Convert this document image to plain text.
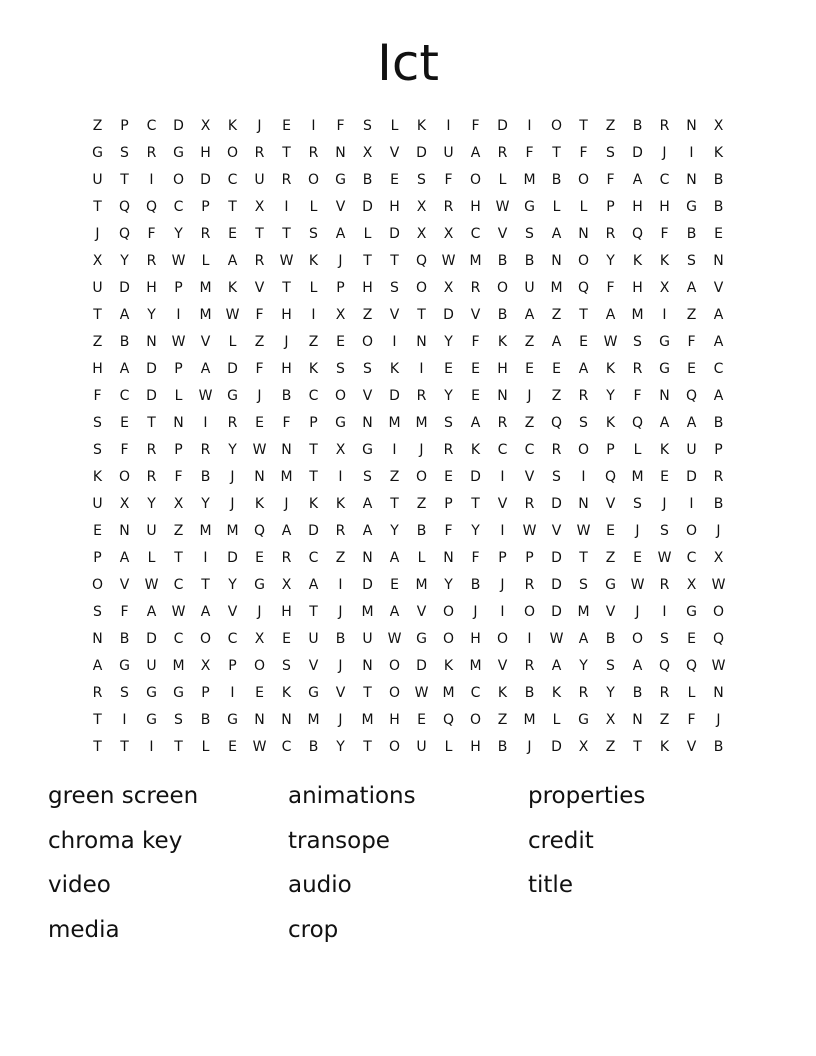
Ict
Z	P	C	D	X	K	J	E	I	F	S	L	K	I	F	D	I	O	T	Z	B	R	N	X
G	S	R	G	H	O	R	T	R	N	X	V	D	U	A	R	F	T	F	S	D	J	I	K
U	T	I	O	D	C	U	R	O	G	B	E	S	F	O	L	M	B	O	F	A	C	N	B
T	Q	Q	C	P	T	X	I	L	V	D	H	X	R	H	W	G	L	L	P	H	H	G	B
J	Q	F	Y	R	E	T	T	S	A	L	D	X	X	C	V	S	A	N	R	Q	F	B	E
X	Y	R	W	L	A	R	W	K	J	T	T	Q	W	M	B	B	N	O	Y	K	K	S	N
U	D	H	P	M	K	V	T	L	P	H	S	O	X	R	O	U	M	Q	F	H	X	A	V
T	A	Y	I	M	W	F	H	I	X	Z	V	T	D	V	B	A	Z	T	A	M	I	Z	A
Z	B	N	W	V	L	Z	J	Z	E	O	I	N	Y	F	K	Z	A	E	W	S	G	F	A
H	A	D	P	A	D	F	H	K	S	S	K	I	E	E	H	E	E	A	K	R	G	E	C
F	C	D	L	W	G	J	B	C	O	V	D	R	Y	E	N	J	Z	R	Y	F	N	Q	A
S	E	T	N	I	R	E	F	P	G	N	M	M	S	A	R	Z	Q	S	K	Q	A	A	B
S	F	R	P	R	Y	W	N	T	X	G	I	J	R	K	C	C	R	O	P	L	K	U	P
K	O	R	F	B	J	N	M	T	I	S	Z	O	E	D	I	V	S	I	Q	M	E	D	R
U	X	Y	X	Y	J	K	J	K	K	A	T	Z	P	T	V	R	D	N	V	S	J	I	B
E	N	U	Z	M	M	Q	A	D	R	A	Y	B	F	Y	I	W	V	W	E	J	S	O	J
P	A	L	T	I	D	E	R	C	Z	N	A	L	N	F	P	P	D	T	Z	E	W	C	X
O	V	W	C	T	Y	G	X	A	I	D	E	M	Y	B	J	R	D	S	G	W	R	X	W
S	F	A	W	A	V	J	H	T	J	M	A	V	O	J	I	O	D	M	V	J	I	G	O
N	B	D	C	O	C	X	E	U	B	U	W	G	O	H	O	I	W	A	B	O	S	E	Q
A	G	U	M	X	P	O	S	V	J	N	O	D	K	M	V	R	A	Y	S	A	Q	Q	W
R	S	G	G	P	I	E	K	G	V	T	O	W	M	C	K	B	K	R	Y	B	R	L	N
T	I	G	S	B	G	N	N	M	J	M	H	E	Q	O	Z	M	L	G	X	N	Z	F	J
T	T	I	T	L	E	W	C	B	Y	T	O	U	L	H	B	J	D	X	Z	T	K	V	B
green screen	animations	properties
chroma key	transope	credit
video	audio	title
media	crop
